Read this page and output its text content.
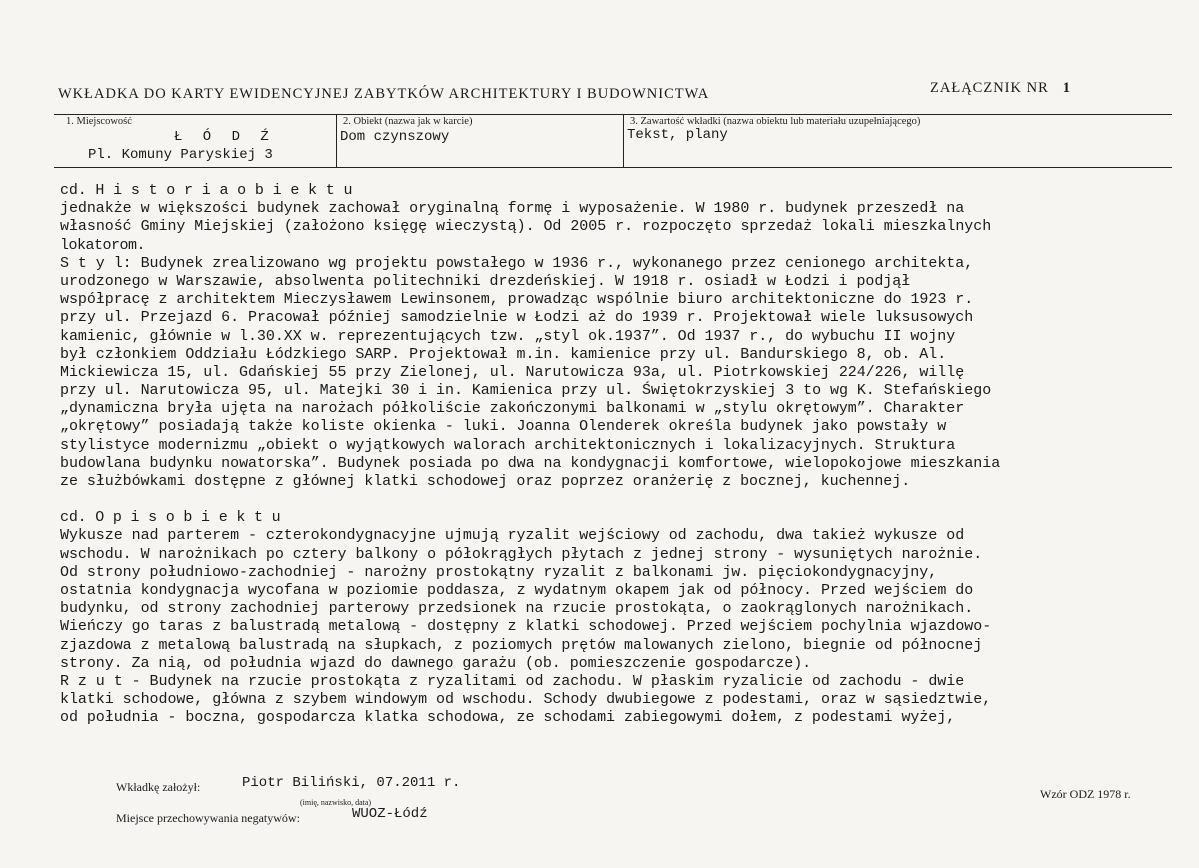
WKŁADKA DO KARTY EWIDENCYJNEJ ZABYTKÓW ARCHITEKTURY I BUDOWNICTWA	ZAŁĄCZNIK NR 1
1. Miejscowość
Ł Ó D Ź
Pl. Komuny Paryskiej 3
2. Obiekt (nazwa jak w karcie)
Dom czynszowy
3. Zawartość wkładki (nazwa obiektu lub materiału uzupełniającego)
Tekst, plany
cd. H i s t o r i a o b i e k t u
jednakże w większości budynek zachował oryginalną formę i wyposażenie. W 1980 r. budynek przeszedł na
własność Gminy Miejskiej (założono księgę wieczystą). Od 2005 r. rozpoczęto sprzedaż lokali mieszkalnych
lokatorom.
S t y l: Budynek zrealizowano wg projektu powstałego w 1936 r., wykonanego przez cenionego architekta,
urodzonego w Warszawie, absolwenta politechniki drezdeńskiej. W 1918 r. osiadł w Łodzi i podjął
współpracę z architektem Mieczysławem Lewinsonem, prowadząc wspólnie biuro architektoniczne do 1923 r.
przy ul. Przejazd 6. Pracował później samodzielnie w Łodzi aż do 1939 r. Projektował wiele luksusowych
kamienic, głównie w l.30.XX w. reprezentujących tzw. „styl ok.1937”. Od 1937 r., do wybuchu II wojny
był członkiem Oddziału Łódzkiego SARP. Projektował m.in. kamienice przy ul. Bandurskiego 8, ob. Al.
Mickiewicza 15, ul. Gdańskiej 55 przy Zielonej, ul. Narutowicza 93a, ul. Piotrkowskiej 224/226, willę
przy ul. Narutowicza 95, ul. Matejki 30 i in. Kamienica przy ul. Świętokrzyskiej 3 to wg K. Stefańskiego
„dynamiczna bryła ujęta na narożach półkoliście zakończonymi balkonami w „stylu okrętowym”. Charakter
„okrętowy” posiadają także koliste okienka - luki. Joanna Olenderek określa budynek jako powstały w
stylistyce modernizmu „obiekt o wyjątkowych walorach architektonicznych i lokalizacyjnych. Struktura
budowlana budynku nowatorska”. Budynek posiada po dwa na kondygnacji komfortowe, wielopokojowe mieszkania
ze służbówkami dostępne z głównej klatki schodowej oraz poprzez oranżerię z bocznej, kuchennej.
cd. O p i s o b i e k t u
Wykusze nad parterem - czterokondygnacyjne ujmują ryzalit wejściowy od zachodu, dwa takież wykusze od
wschodu. W narożnikach po cztery balkony o półokrągłych płytach z jednej strony - wysuniętych narożnie.
Od strony południowo-zachodniej - narożny prostokątny ryzalit z balkonami jw. pięciokondygnacyjny,
ostatnia kondygnacja wycofana w poziomie poddasza, z wydatnym okapem jak od północy. Przed wejściem do
budynku, od strony zachodniej parterowy przedsionek na rzucie prostokąta, o zaokrąglonych narożnikach.
Wieńczy go taras z balustradą metalową - dostępny z klatki schodowej. Przed wejściem pochylnia wjazdowo-
zjazdowa z metalową balustradą na słupkach, z poziomych prętów malowanych zielono, biegnie od północnej
strony. Za nią, od południa wjazd do dawnego garażu (ob. pomieszczenie gospodarcze).
R z u t - Budynek na rzucie prostokąta z ryzalitami od zachodu. W płaskim ryzalicie od zachodu - dwie
klatki schodowe, główna z szybem windowym od wschodu. Schody dwubiegowe z podestami, oraz w sąsiedztwie,
od południa - boczna, gospodarcza klatka schodowa, ze schodami zabiegowymi dołem, z podestami wyżej,
Wkładkę założył:	Piotr Biliński, 07.2011 r.
(imię, nazwisko, data)
Miejsce przechowywania negatywów:	WUOZ-Łódź
Wzór ODZ 1978 r.
